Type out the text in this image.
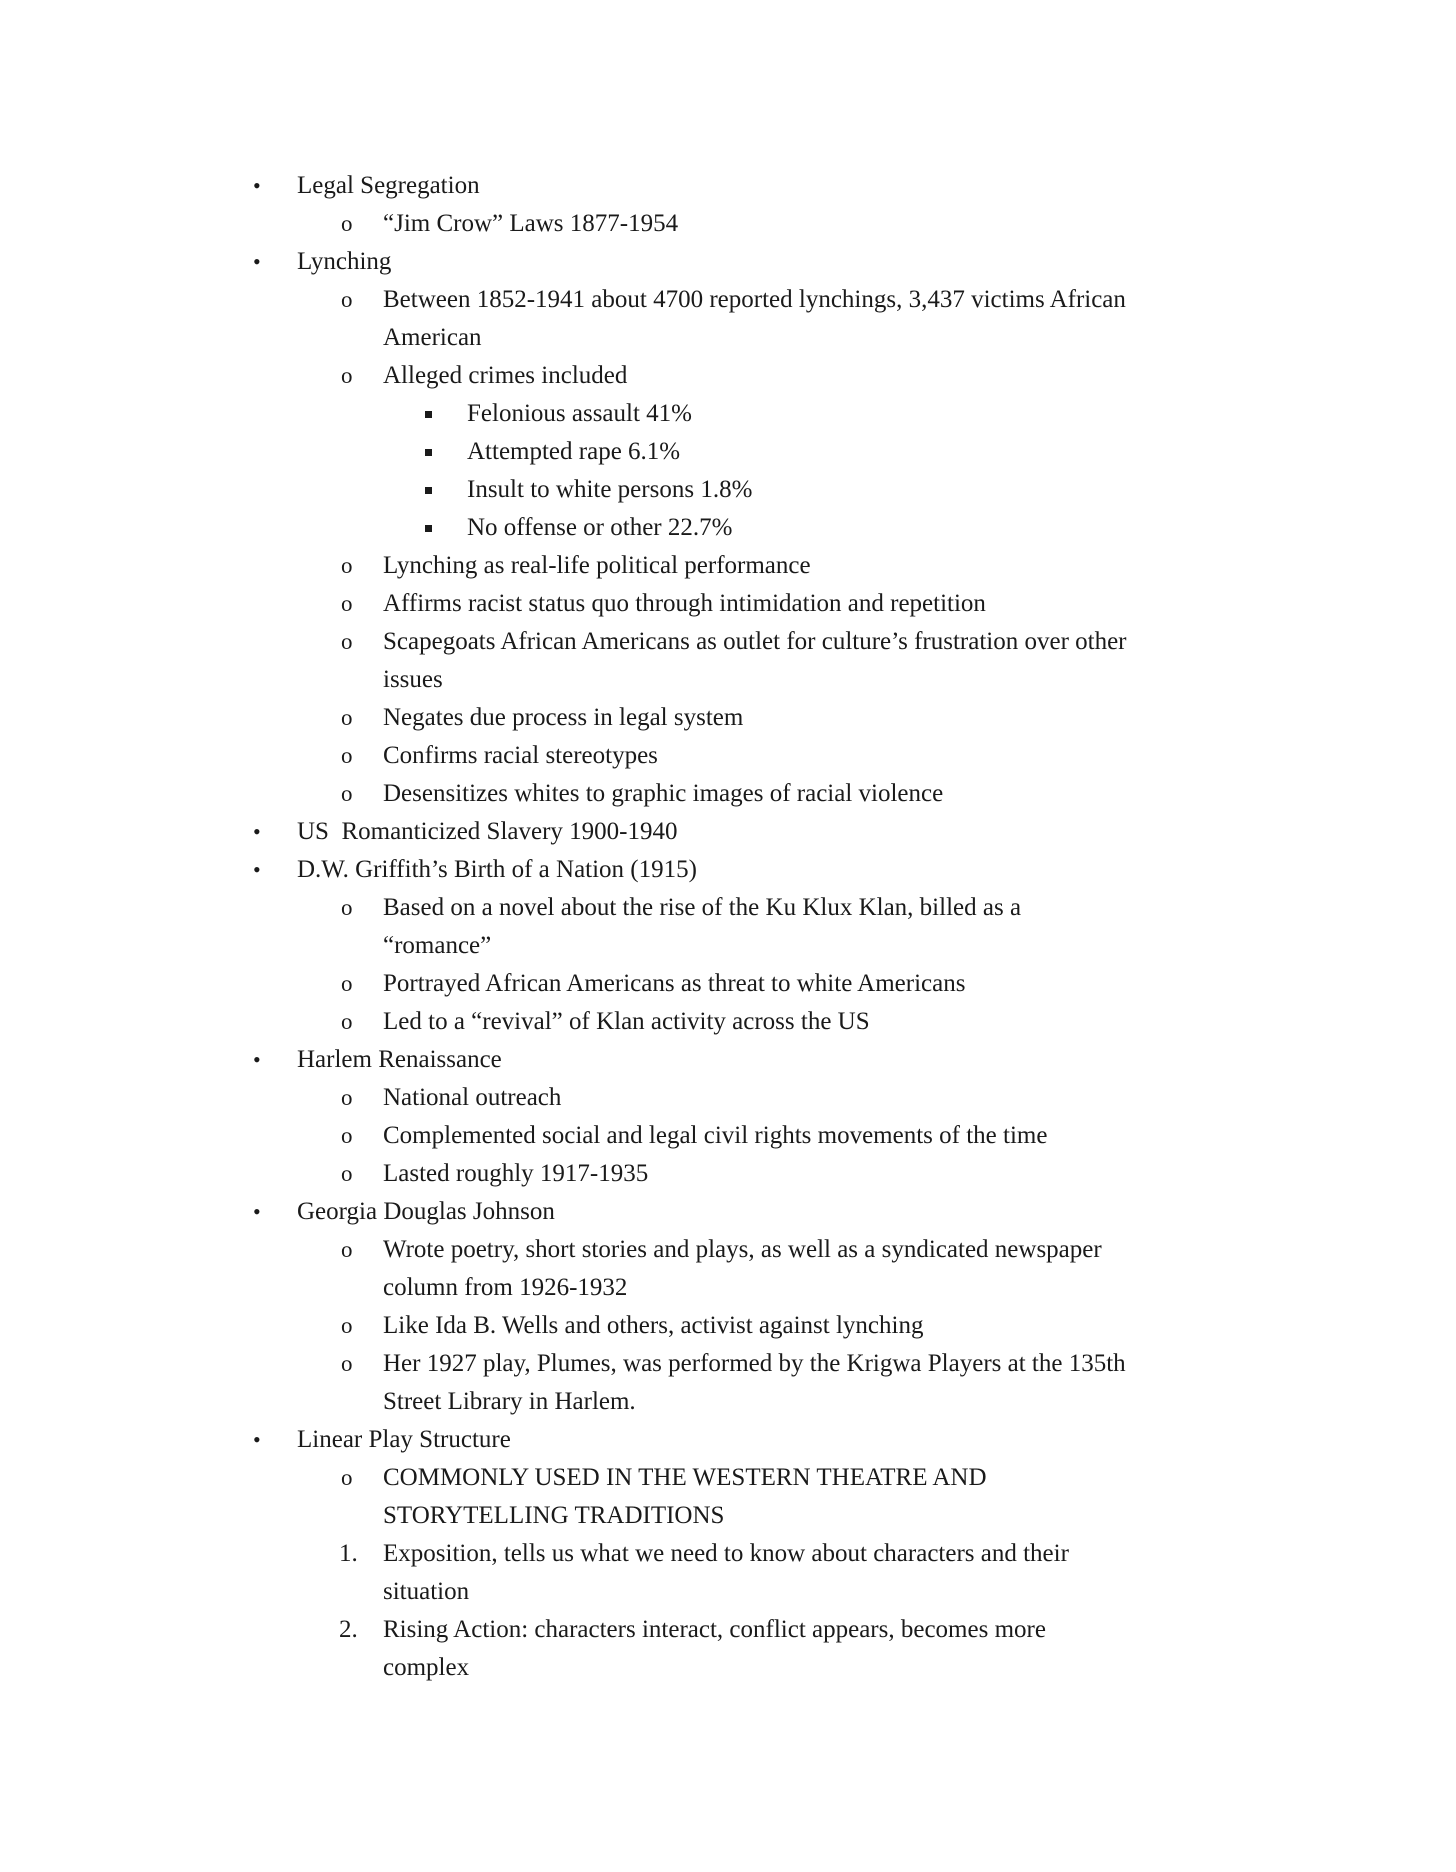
• Legal Segregation
o “Jim Crow” Laws 1877-1954
• Lynching
o Between 1852-1941 about 4700 reported lynchings, 3,437 victims African
American
o Alleged crimes included
Felonious assault 41%
Attempted rape 6.1%
Insult to white persons 1.8%
No offense or other 22.7%
o Lynching as real-life political performance
o Affirms racist status quo through intimidation and repetition
o Scapegoats African Americans as outlet for culture’s frustration over other
issues
o Negates due process in legal system
o Confirms racial stereotypes
o Desensitizes whites to graphic images of racial violence
• US  Romanticized Slavery 1900-1940
• D.W. Griffith’s Birth of a Nation (1915)
o Based on a novel about the rise of the Ku Klux Klan, billed as a
“romance”
o Portrayed African Americans as threat to white Americans
o Led to a “revival” of Klan activity across the US
• Harlem Renaissance
o National outreach
o Complemented social and legal civil rights movements of the time
o Lasted roughly 1917-1935
• Georgia Douglas Johnson
o Wrote poetry, short stories and plays, as well as a syndicated newspaper
column from 1926-1932
o Like Ida B. Wells and others, activist against lynching
o Her 1927 play, Plumes, was performed by the Krigwa Players at the 135th
Street Library in Harlem.
• Linear Play Structure
o COMMONLY USED IN THE WESTERN THEATRE AND
STORYTELLING TRADITIONS
1. Exposition, tells us what we need to know about characters and their
situation
2. Rising Action: characters interact, conflict appears, becomes more
complex
